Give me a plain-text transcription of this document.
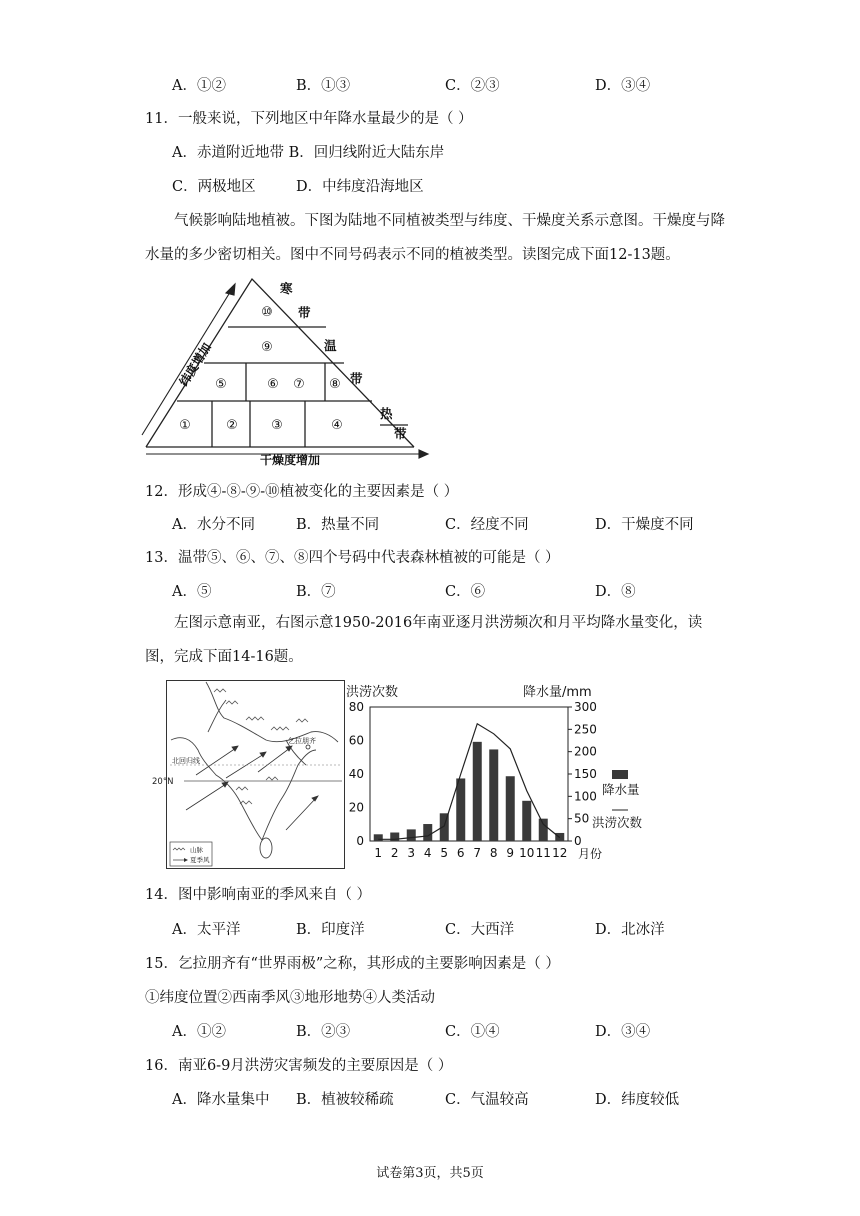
A．①②	B．①③	C．②③	D．③④
11．一般来说，下列地区中年降水量最少的是（ ）
A．赤道附近地带 B．回归线附近大陆东岸
C．两极地区	D．中纬度沿海地区
气候影响陆地植被。下图为陆地不同植被类型与纬度、干燥度关系示意图。干燥度与降水量的多少密切相关。图中不同号码表示不同的植被类型。读图完成下面12-13题。
⑩
⑨
⑤	⑥ ⑦ ⑧
①	②	③	④
寒
带
温
带
热
带
纬度增加
干燥度增加
12．形成④-⑧-⑨-⑩植被变化的主要因素是（ ）
A．水分不同	B．热量不同	C．经度不同	D．干燥度不同
13．温带⑤、⑥、⑦、⑧四个号码中代表森林植被的可能是（ ）
A．⑤	B．⑦	C．⑥	D．⑧
左图示意南亚，右图示意1950-2016年南亚逐月洪涝频次和月平均降水量变化，读图，完成下面14-16题。
乞拉朋齐
北回归线
20°N
山脉
夏季风
洪涝次数	降水量/mm
80
60
40
20
0
300
250
200
150
100
50
0
1 2 3 4 5 6 7 8 9 10 11 12 月份
降水量
洪涝次数
14．图中影响南亚的季风来自（ ）
A．太平洋	B．印度洋	C．大西洋	D．北冰洋
15．乞拉朋齐有“世界雨极”之称，其形成的主要影响因素是（ ）
①纬度位置②西南季风③地形地势④人类活动
A．①②	B．②③	C．①④	D．③④
16．南亚6-9月洪涝灾害频发的主要原因是（ ）
A．降水量集中 B．植被较稀疏	C．气温较高	D．纬度较低
试卷第3页，共5页
